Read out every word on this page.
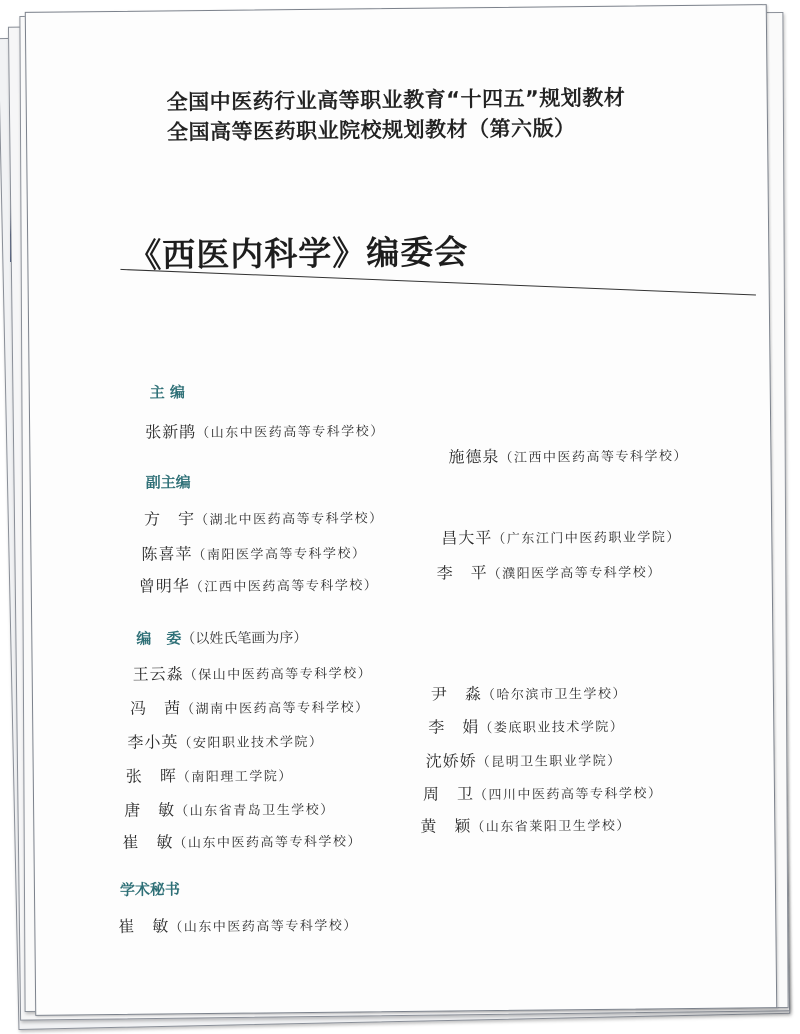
全国中医药行业高等职业教育“十四五”规划教材
全国高等医药职业院校规划教材（第六版）
《西医内科学》编委会
主 编
张新鹃（山东中医药高等专科学校）
施德泉（江西中医药高等专科学校）
副主编
方　宇（湖北中医药高等专科学校）
昌大平（广东江门中医药职业学院）
陈喜苹（南阳医学高等专科学校）
李　平（濮阳医学高等专科学校）
曾明华（江西中医药高等专科学校）
编　委（以姓氏笔画为序）
王云淼（保山中医药高等专科学校）
尹　淼（哈尔滨市卫生学校）
冯　茜（湖南中医药高等专科学校）
李　娟（娄底职业技术学院）
李小英（安阳职业技术学院）
沈娇娇（昆明卫生职业学院）
张　晖（南阳理工学院）
周　卫（四川中医药高等专科学校）
唐　敏（山东省青岛卫生学校）
黄　颖（山东省莱阳卫生学校）
崔　敏（山东中医药高等专科学校）
学术秘书
崔　敏（山东中医药高等专科学校）
